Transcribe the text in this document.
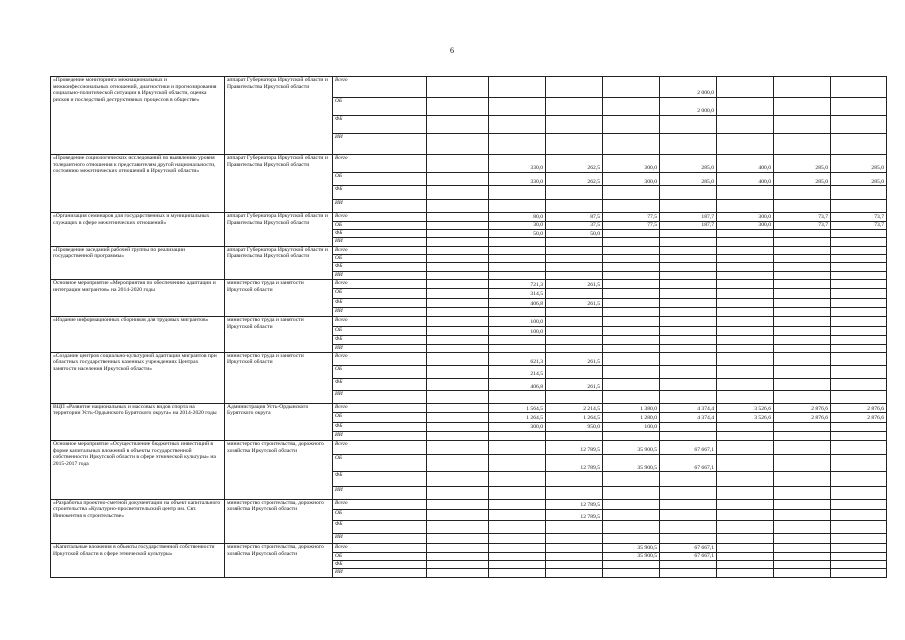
6
«Проведение мониторинга межнациональных и межконфессиональных отношений, диагностики и прогнозирования социально-политической ситуации в Иркутской области, оценка рисков и последствий деструктивных процессов в обществе»	аппарат Губернатора Иркутской области и Правительства Иркутской области	Всего					2 000,0			
		ОБ					2 000,0			
		ФБ								
		ИИ								
«Проведение социологических исследований по выявлению уровня толерантного отношения к представителям другой национальности, состоянию межэтнических отношений в Иркутской области»	аппарат Губернатора Иркутской области и Правительства Иркутской области	Всего		330,0	262,5	300,0	285,0	400,0	285,0	285,0
		ОБ		330,0	262,5	300,0	285,0	400,0	285,0	285,0
		ФБ								
		ИИ								
«Организация семинаров для государственных и муниципальных служащих в сфере межэтнических отношений»	аппарат Губернатора Иркутской области и Правительства Иркутской области	Всего		80,0	87,5	77,5	187,7	300,0	73,7	73,7
		ОБ		30,0	37,5	77,5	187,7	300,0	73,7	73,7
		ФБ		50,0	50,0					
		ИИ								
«Проведение заседаний рабочей группы по реализации государственной программы»	аппарат Губернатора Иркутской области и Правительства Иркутской области	Всего								
		ОБ								
		ФБ								
		ИИ								
Основное мероприятие «Мероприятия по обеспечению адаптации и интеграции мигрантов» на 2014-2020 годы	министерство труда и занятости Иркутской области	Всего		721,3	261,5					
		ОБ		314,5						
		ФБ		406,8	261,5					
		ИИ								
«Издание информационных сборников для трудовых мигрантов»	министерство труда и занятости Иркутской области	Всего		100,0						
		ОБ		100,0						
		ФБ								
		ИИ								
«Создание центров социально-культурной адаптации мигрантов при областных государственных казенных учреждениях Центрах занятости населения Иркутской области»	министерство труда и занятости Иркутской области	Всего		621,3	261,5					
		ОБ		214,5						
		ФБ		406,8	261,5					
		ИИ								
ВЦП «Развитие национальных и массовых видов спорта на территории Усть-Ордынского Бурятского округа» на 2014-2020 годы	Администрация Усть-Ордынского Бурятского округа	Всего		1 564,5	2 214,5	1 380,0	4 374,4	3 526,6	2 876,6	2 876,6
		ОБ		1 264,5	1 264,5	1 280,0	4 374,4	3 526,6	2 876,6	2 876,6
		ФБ		300,0	950,0	100,0				
		ИИ								
Основное мероприятие «Осуществление бюджетных инвестиций в форме капитальных вложений в объекты государственной собственности Иркутской области в сфере этнической культуры» на 2015-2017 года	министерство строительства, дорожного хозяйства Иркутской области	Всего			12 789,5	35 900,5	67 667,1			
		ОБ			12 789,5	35 900,5	67 667,1			
		ФБ								
		ИИ								
«Разработка проектно-сметной документации на объект капитального строительства «Культурно-просветительский центр им. Свт. Иннокентия в строительстве»	министерство строительства, дорожного хозяйства Иркутской области	Всего			12 789,5					
		ОБ			12 789,5					
		ФБ								
		ИИ								
«Капитальные вложения в объекты государственной собственности Иркутской области в сфере этнической культуры»	министерство строительства, дорожного хозяйства Иркутской области	Всего				35 900,5	67 667,1			
		ОБ				35 900,5	67 667,1			
		ФБ								
		ИИ								
